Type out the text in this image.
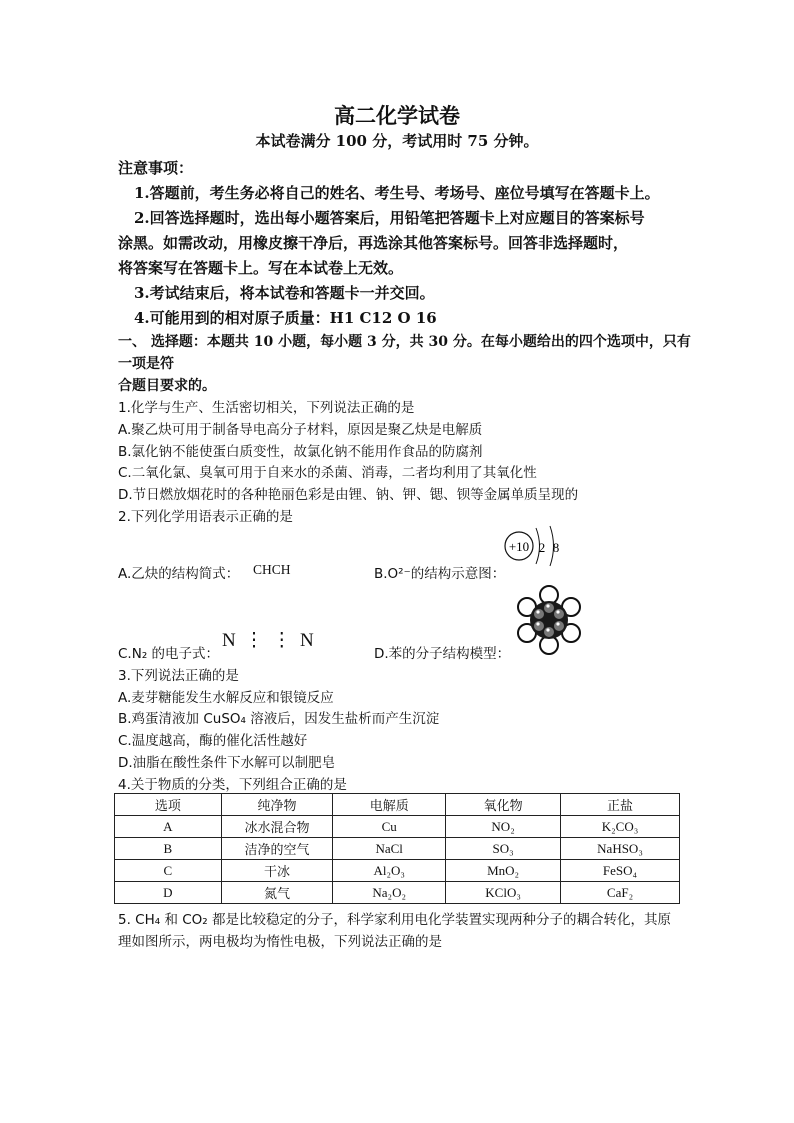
高二化学试卷
本试卷满分 100 分，考试用时 75 分钟。
注意事项：
1.答题前，考生务必将自己的姓名、考生号、考场号、座位号填写在答题卡上。
2.回答选择题时，选出每小题答案后，用铅笔把答题卡上对应题目的答案标号
涂黑。如需改动，用橡皮擦干净后，再选涂其他答案标号。回答非选择题时，
将答案写在答题卡上。写在本试卷上无效。
3.考试结束后，将本试卷和答题卡一并交回。
4.可能用到的相对原子质量：H1 C12 O 16
一、 选择题：本题共 10 小题，每小题 3 分，共 30 分。在每小题给出的四个选项中，只有
一项是符
合题目要求的。
1.化学与生产、生活密切相关，下列说法正确的是
A.聚乙炔可用于制备导电高分子材料，原因是聚乙炔是电解质
B.氯化钠不能使蛋白质变性，故氯化钠不能用作食品的防腐剂
C.二氧化氯、臭氧可用于自来水的杀菌、消毒，二者均利用了其氧化性
D.节日燃放烟花时的各种艳丽色彩是由锂、钠、钾、锶、钡等金属单质呈现的
2.下列化学用语表示正确的是
A.乙炔的结构简式： CHCH	B.O²⁻的结构示意图：
+10 2 8
C.N₂ 的电子式：
N ⋮ ⋮ N
D.苯的分子结构模型：
3.下列说法正确的是
A.麦芽糖能发生水解反应和银镜反应
B.鸡蛋清液加 CuSO₄ 溶液后，因发生盐析而产生沉淀
C.温度越高，酶的催化活性越好
D.油脂在酸性条件下水解可以制肥皂
4.关于物质的分类，下列组合正确的是
选项	纯净物	电解质	氧化物	正盐
A	冰水混合物	Cu	NO₂	K₂CO₃
B	洁净的空气	NaCl	SO₃	NaHSO₃
C	干冰	Al₂O₃	MnO₂	FeSO₄
D	氮气	Na₂O₂	KClO₃	CaF₂
5. CH₄ 和 CO₂ 都是比较稳定的分子，科学家利用电化学装置实现两种分子的耦合转化，其原
理如图所示，两电极均为惰性电极，下列说法正确的是
